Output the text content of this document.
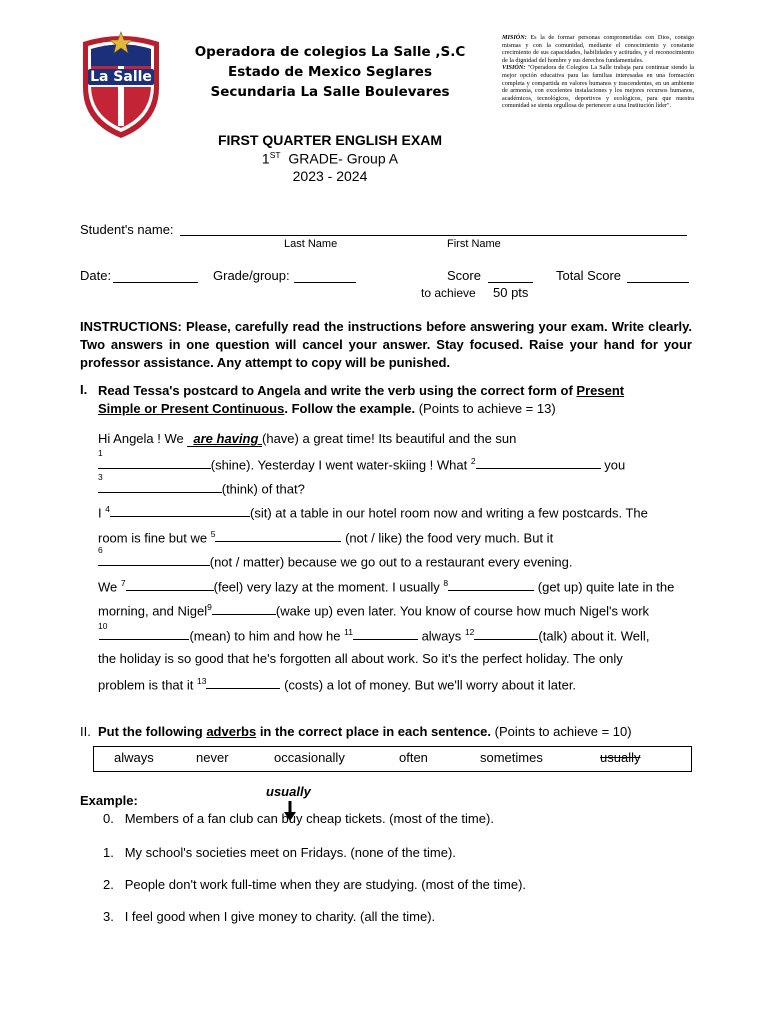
La Salle
Operadora de colegios La Salle ,S.C
Estado de Mexico Seglares
Secundaria La Salle Boulevares
MISIÓN: Es la de formar personas comprometidas con Dios, consigo mismas y con la comunidad, mediante el conocimiento y constante crecimiento de sus capacidades, habilidades y actitudes, y el reconocimiento de la dignidad del hombre y sus derechos fundamentales.
VISIÓN: "Operadora de Colegios La Salle trabaja para continuar siendo la mejor opción educativa para las familias interesadas en una formación completa y compartida en valores humanos y trascendentes, en un ambiente de armonía, con excelentes instalaciones y los mejores recursos humanos, académicos, tecnológicos, deportivos y ecológicos, para que nuestra comunidad se sienta orgullosa de pertenecer a una Institución líder".
FIRST QUARTER ENGLISH EXAM
1ST  GRADE- Group A
2023 - 2024
Student's name:
Last Name	First Name
Date:	Grade/group:	Score	Total Score
to achieve 50 pts
INSTRUCTIONS: Please, carefully read the instructions before answering your exam. Write clearly. Two answers in one question will cancel your answer. Stay focused. Raise your hand for your professor assistance. Any attempt to copy will be punished.
I. Read Tessa's postcard to Angela and write the verb using the correct form of Present Simple or Present Continuous. Follow the example. (Points to achieve = 13)
Hi Angela ! We are having (have) a great time! Its beautiful and the sun
$^1$(shine). Yesterday I went water-skiing ! What $^2$	you
$^3$(think) of that?
I $^4$	(sit) at a table in our hotel room now and writing a few postcards. The
room is fine but we $^5$	(not / like) the food very much. But it
$^6$(not / matter) because we go out to a restaurant every evening.
We $^7$	(feel) very lazy at the moment. I usually $^8$	(get up) quite late in the
morning, and Nigel$^9$	(wake up) even later. You know of course how much Nigel's work
$^{10}$(mean) to him and how he $^{11}$	always $^{12}$	(talk) about it. Well,
the holiday is so good that he's forgotten all about work. So it's the perfect holiday. The only
problem is that it $^{13}$	(costs) a lot of money. But we'll worry about it later.
II. Put the following adverbs in the correct place in each sentence. (Points to achieve = 10)
always	never	occasionally	often	sometimes	usually
usually
Example:
0. Members of a fan club can buy cheap tickets. (most of the time).
1. My school's societies meet on Fridays. (none of the time).
2. People don't work full-time when they are studying. (most of the time).
3. I feel good when I give money to charity. (all the time).
